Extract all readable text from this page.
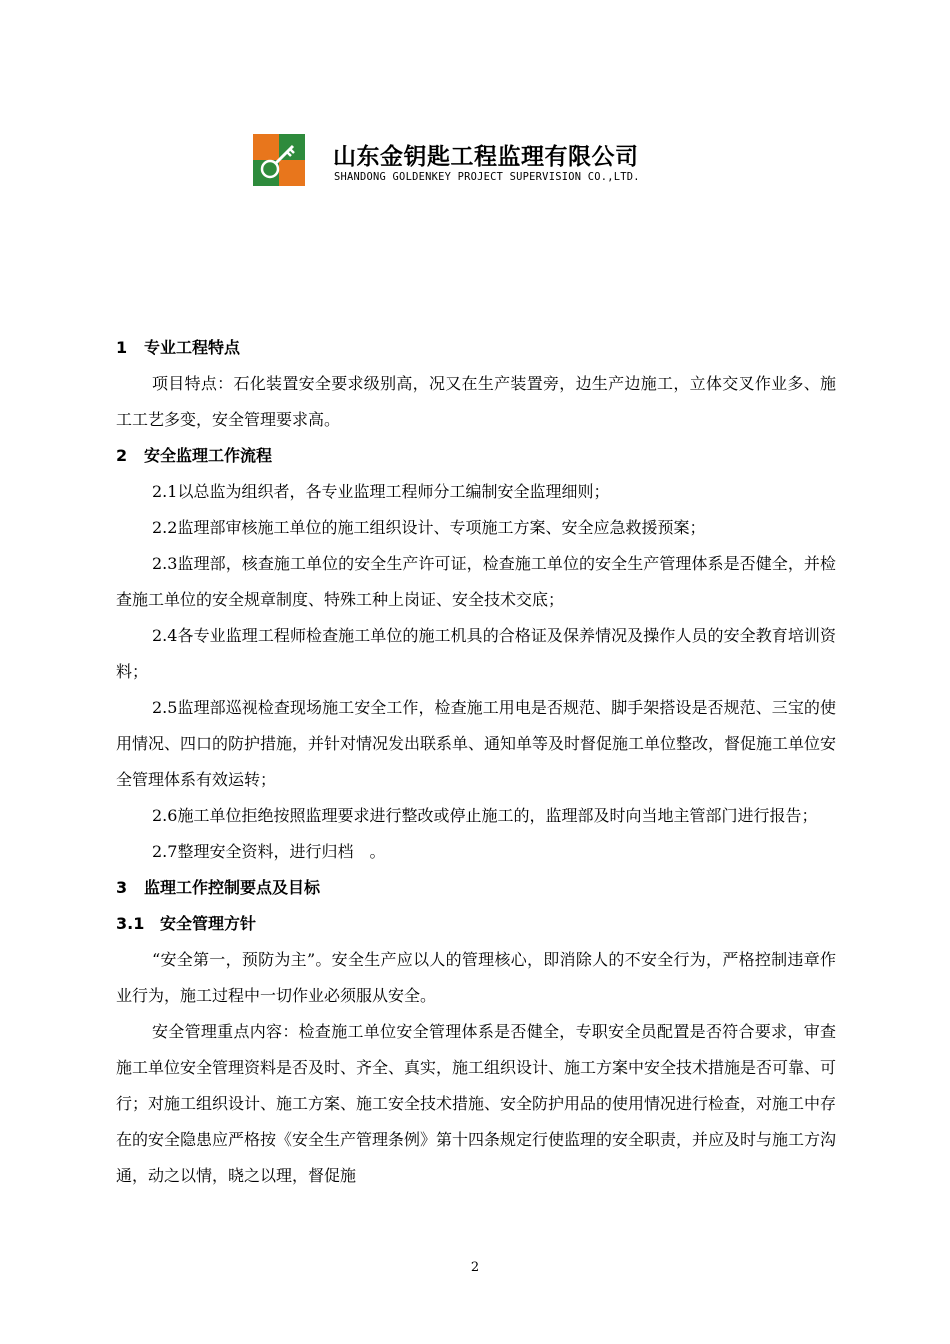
山东金钥匙工程监理有限公司
SHANDONG GOLDENKEY PROJECT SUPERVISION CO.,LTD.
1 专业工程特点

项目特点：石化装置安全要求级别高，况又在生产装置旁，边生产边施工，立体交叉作业多、施工工艺多变，安全管理要求高。

2 安全监理工作流程

2.1以总监为组织者，各专业监理工程师分工编制安全监理细则；

2.2监理部审核施工单位的施工组织设计、专项施工方案、安全应急救援预案；

2.3监理部，核查施工单位的安全生产许可证，检查施工单位的安全生产管理体系是否健全，并检查施工单位的安全规章制度、特殊工种上岗证、安全技术交底；

2.4各专业监理工程师检查施工单位的施工机具的合格证及保养情况及操作人员的安全教育培训资料；

2.5监理部巡视检查现场施工安全工作，检查施工用电是否规范、脚手架搭设是否规范、三宝的使用情况、四口的防护措施，并针对情况发出联系单、通知单等及时督促施工单位整改，督促施工单位安全管理体系有效运转；

2.6施工单位拒绝按照监理要求进行整改或停止施工的，监理部及时向当地主管部门进行报告；

2.7整理安全资料，进行归档　。

3 监理工作控制要点及目标
3.1 安全管理方针

“安全第一，预防为主”。安全生产应以人的管理核心，即消除人的不安全行为，严格控制违章作业行为，施工过程中一切作业必须服从安全。

安全管理重点内容：检查施工单位安全管理体系是否健全，专职安全员配置是否符合要求，审查施工单位安全管理资料是否及时、齐全、真实，施工组织设计、施工方案中安全技术措施是否可靠、可行；对施工组织设计、施工方案、施工安全技术措施、安全防护用品的使用情况进行检查，对施工中存在的安全隐患应严格按《安全生产管理条例》第十四条规定行使监理的安全职责，并应及时与施工方沟通，动之以情，晓之以理，督促施

2
